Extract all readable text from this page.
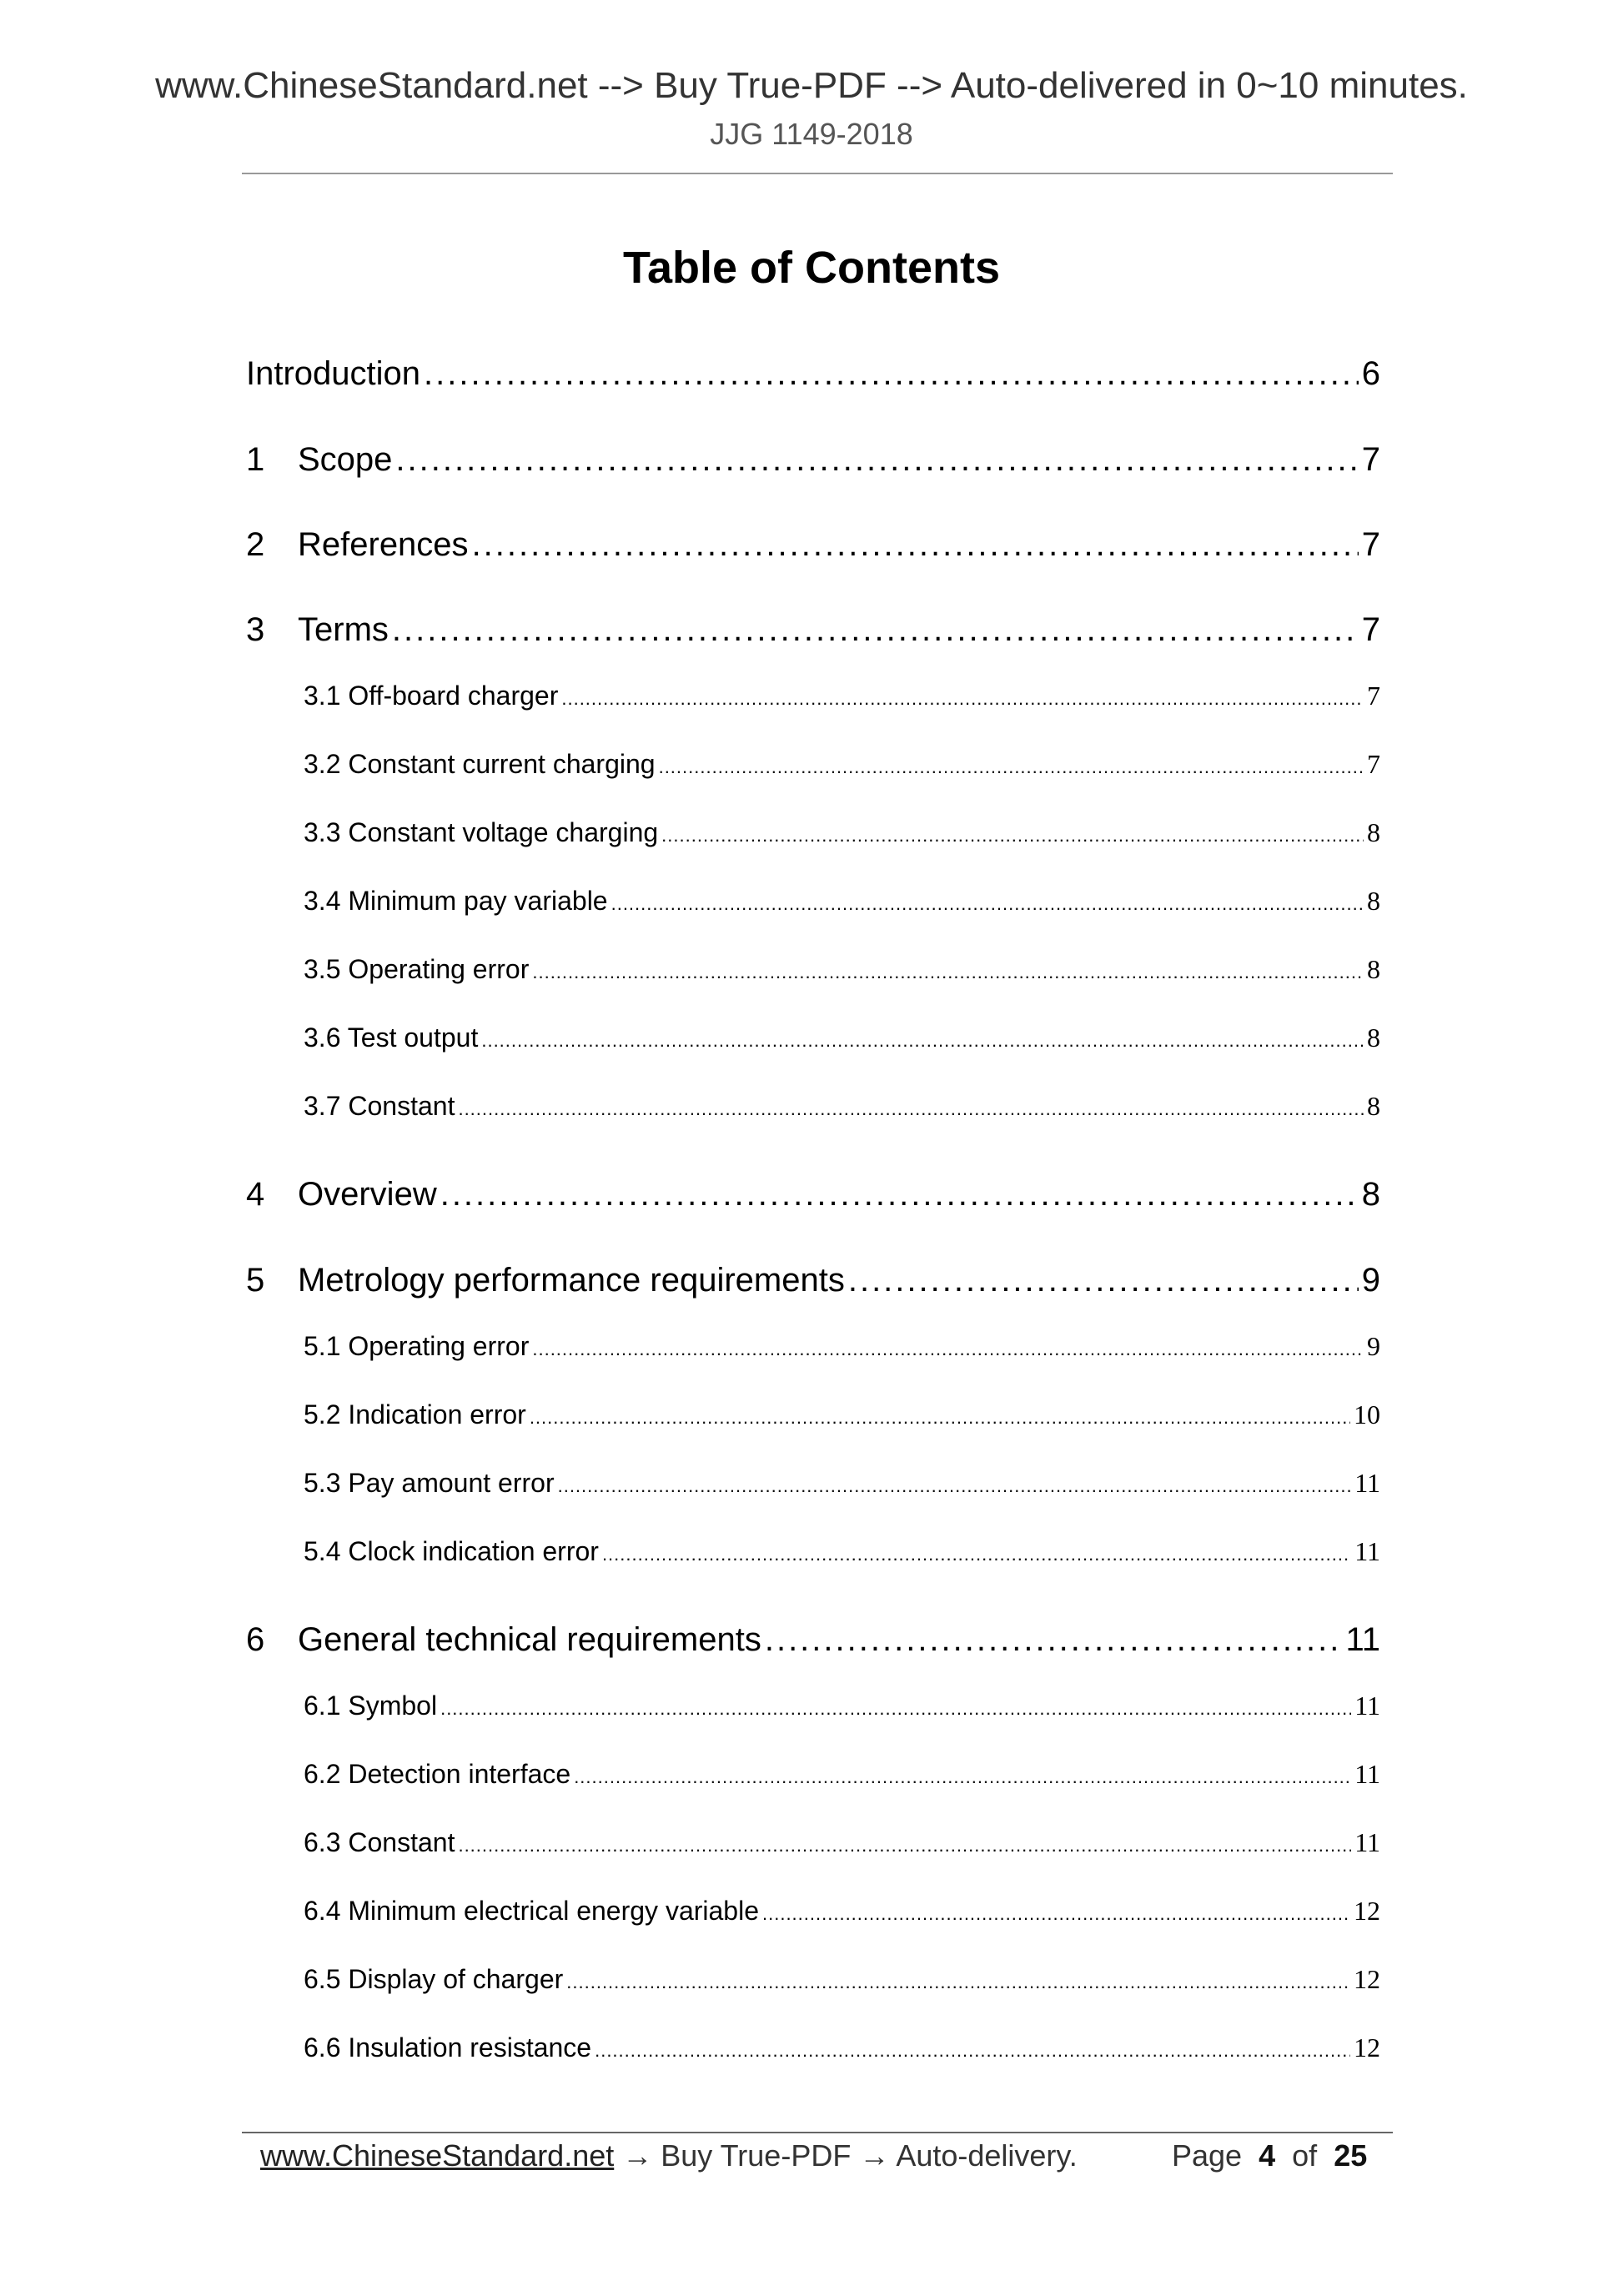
www.ChineseStandard.net --> Buy True-PDF --> Auto-delivered in 0~10 minutes.
JJG 1149-2018
Table of Contents
Introduction .....	6
1 Scope .....	7
2 References .....	7
3 Terms .....	7
3.1 Off-board charger .....	7
3.2 Constant current charging .....	7
3.3 Constant voltage charging .....	8
3.4 Minimum pay variable .....	8
3.5 Operating error .....	8
3.6 Test output .....	8
3.7 Constant .....	8
4 Overview .....	8
5 Metrology performance requirements .....	9
5.1 Operating error .....	9
5.2 Indication error .....	10
5.3 Pay amount error .....	11
5.4 Clock indication error .....	11
6 General technical requirements .....	11
6.1 Symbol .....	11
6.2 Detection interface .....	11
6.3 Constant .....	11
6.4 Minimum electrical energy variable .....	12
6.5 Display of charger .....	12
6.6 Insulation resistance .....	12
www.ChineseStandard.net → Buy True-PDF → Auto-delivery.	Page 4 of 25
